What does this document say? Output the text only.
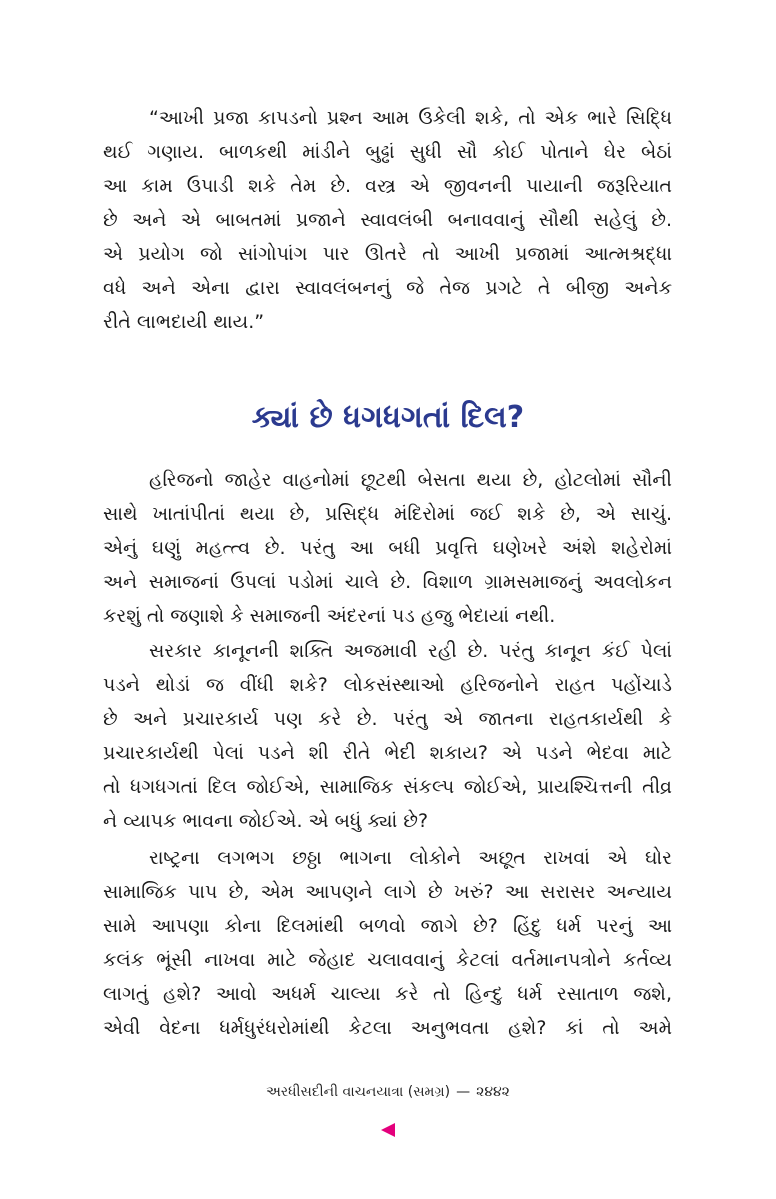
“આખી પ્રજા કાપડનો પ્રશ્ન આમ ઉકેલી શકે, તો એક ભારે સિદ્ધિ
થઈ ગણાય. બાળકથી માંડીને બુઢ્ઢાં સુધી સૌ કોઈ પોતાને ઘેર બેઠાં
આ કામ ઉપાડી શકે તેમ છે. વસ્ત્ર એ જીવનની પાયાની જરૂરિયાત
છે અને એ બાબતમાં પ્રજાને સ્વાવલંબી બનાવવાનું સૌથી સહેલું છે.
એ પ્રયોગ જો સાંગોપાંગ પાર ઊતરે તો આખી પ્રજામાં આત્મશ્રદ્ધા
વધે અને એના દ્વારા સ્વાવલંબનનું જે તેજ પ્રગટે તે બીજી અનેક
રીતે લાભદાયી થાય.”
ક્યાં છે ધગધગતાં દિલ?
હરિજનો જાહેર વાહનોમાં છૂટથી બેસતા થયા છે, હોટલોમાં સૌની
સાથે ખાતાંપીતાં થયા છે, પ્રસિદ્ધ મંદિરોમાં જઈ શકે છે, એ સાચું.
એનું ઘણું મહત્ત્વ છે. પરંતુ આ બધી પ્રવૃત્તિ ઘણેખરે અંશે શહેરોમાં
અને સમાજનાં ઉપલાં પડોમાં ચાલે છે. વિશાળ ગ્રામસમાજનું અવલોકન
કરશું તો જણાશે કે સમાજની અંદરનાં પડ હજુ ભેદાયાં નથી.
સરકાર કાનૂનની શક્તિ અજમાવી રહી છે. પરંતુ કાનૂન કંઈ પેલાં
પડને થોડાં જ વીંધી શકે? લોકસંસ્થાઓ હરિજનોને રાહત પહોંચાડે
છે અને પ્રચારકાર્ય પણ કરે છે. પરંતુ એ જાતના રાહતકાર્યથી કે
પ્રચારકાર્યથી પેલાં પડને શી રીતે ભેદી શકાય? એ પડને ભેદવા માટે
તો ધગધગતાં દિલ જોઈએ, સામાજિક સંકલ્પ જોઈએ, પ્રાયશ્ચિત્તની તીવ્ર
ને વ્યાપક ભાવના જોઈએ. એ બધું ક્યાં છે?
રાષ્ટ્રના લગભગ છઠ્ઠા ભાગના લોકોને અછૂત રાખવાં એ ઘોર
સામાજિક પાપ છે, એમ આપણને લાગે છે ખરું? આ સરાસર અન્યાય
સામે આપણા કોના દિલમાંથી બળવો જાગે છે? હિંદુ ધર્મ પરનું આ
કલંક ભૂંસી નાખવા માટે જેહાદ ચલાવવાનું કેટલાં વર્તમાનપત્રોને કર્તવ્ય
લાગતું હશે? આવો અધર્મ ચાલ્યા કરે તો હિન્દુ ધર્મ રસાતાળ જશે,
એવી વેદના ધર્મધુરંધરોમાંથી કેટલા અનુભવતા હશે? કાં તો અમે
અરધીસદીની વાચનયાત્રા (સમગ્ર) — ૨૪૪૨
